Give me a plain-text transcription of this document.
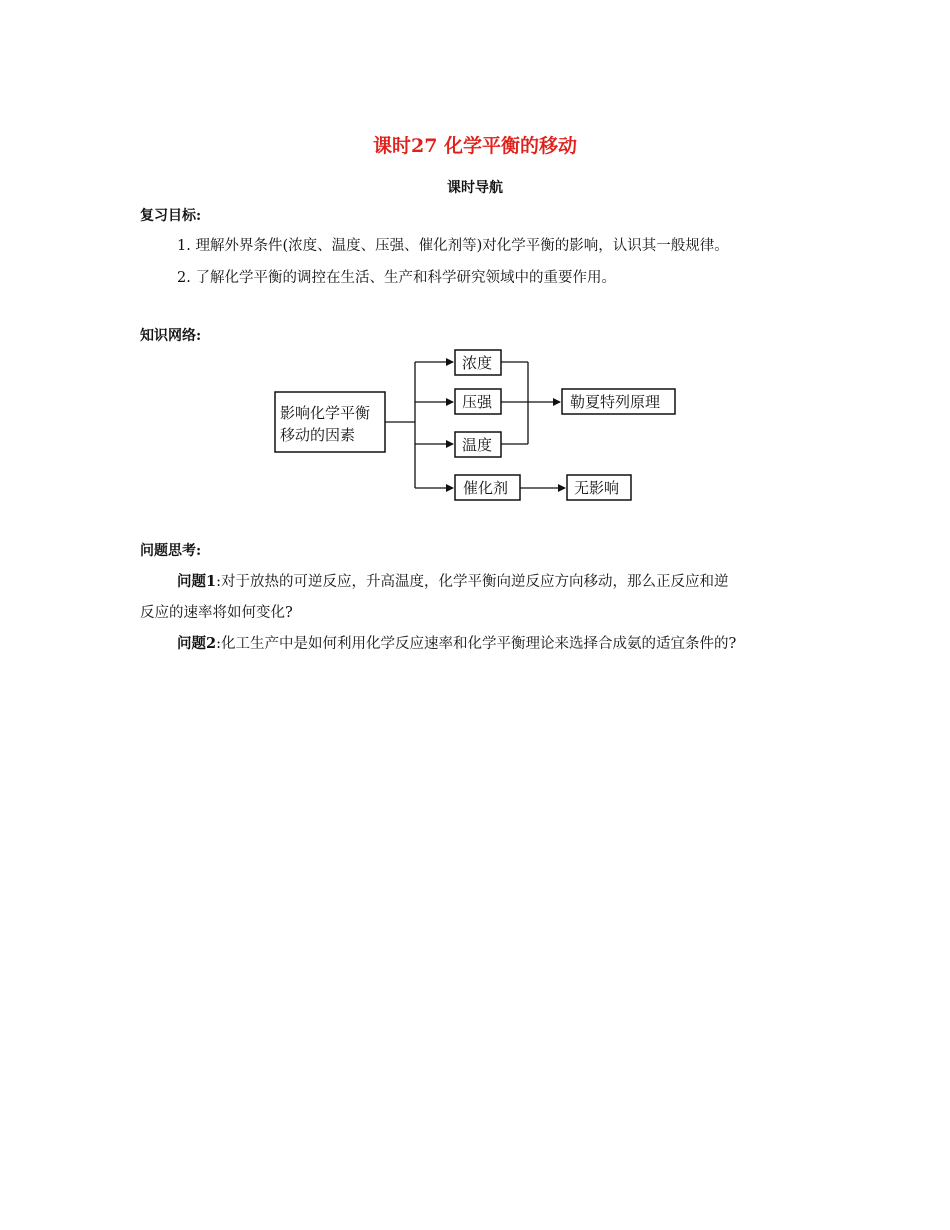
课时27 化学平衡的移动
课时导航
复习目标:
1. 理解外界条件(浓度、温度、压强、催化剂等)对化学平衡的影响，认识其一般规律。
2. 了解化学平衡的调控在生活、生产和科学研究领域中的重要作用。
知识网络:
影响化学平衡
移动的因素
浓度
压强
温度
催化剂
勒夏特列原理
无影响
问题思考:
问题1:对于放热的可逆反应，升高温度，化学平衡向逆反应方向移动，那么正反应和逆
反应的速率将如何变化?
问题2:化工生产中是如何利用化学反应速率和化学平衡理论来选择合成氨的适宜条件的?
